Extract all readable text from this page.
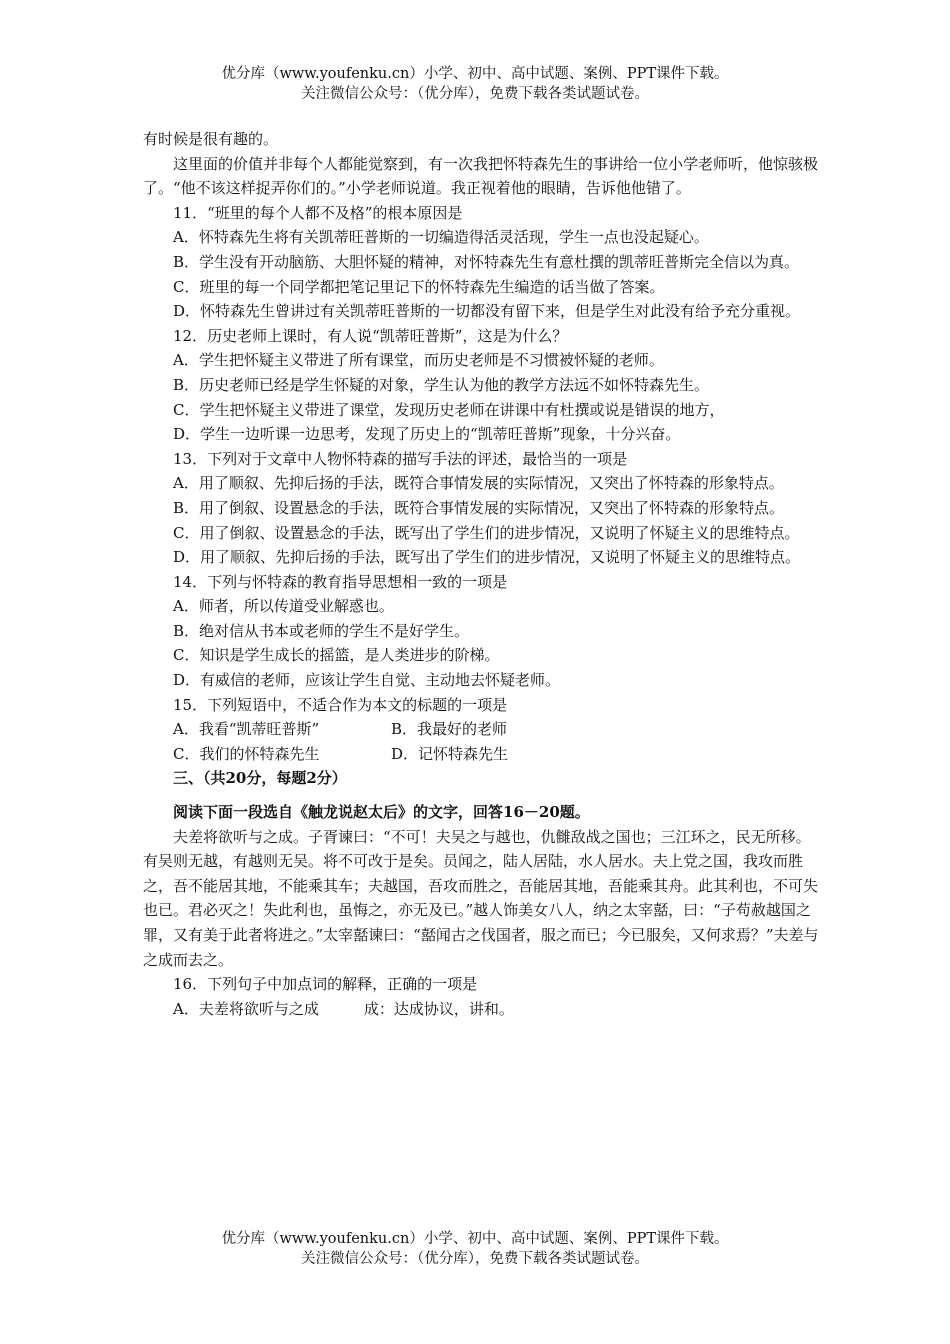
优分库（www.youfenku.cn）小学、初中、高中试题、案例、PPT课件下载。
关注微信公众号：（优分库），免费下载各类试题试卷。

有时候是很有趣的。

这里面的价值并非每个人都能觉察到，有一次我把怀特森先生的事讲给一位小学老师听，他惊骇极了。“他不该这样捉弄你们的。”小学老师说道。我正视着他的眼睛，告诉他他错了。

11．“班里的每个人都不及格”的根本原因是

A．怀特森先生将有关凯蒂旺普斯的一切编造得活灵活现，学生一点也没起疑心。

B．学生没有开动脑筋、大胆怀疑的精神，对怀特森先生有意杜撰的凯蒂旺普斯完全信以为真。

C．班里的每一个同学都把笔记里记下的怀特森先生编造的话当做了答案。

D．怀特森先生曾讲过有关凯蒂旺普斯的一切都没有留下来，但是学生对此没有给予充分重视。

12．历史老师上课时，有人说“凯蒂旺普斯”，这是为什么？

A．学生把怀疑主义带进了所有课堂，而历史老师是不习惯被怀疑的老师。

B．历史老师已经是学生怀疑的对象，学生认为他的教学方法远不如怀特森先生。

C．学生把怀疑主义带进了课堂，发现历史老师在讲课中有杜撰或说是错误的地方，

D．学生一边听课一边思考，发现了历史上的“凯蒂旺普斯”现象，十分兴奋。

13．下列对于文章中人物怀特森的描写手法的评述，最恰当的一项是

A．用了顺叙、先抑后扬的手法，既符合事情发展的实际情况，又突出了怀特森的形象特点。

B．用了倒叙、设置悬念的手法，既符合事情发展的实际情况，又突出了怀特森的形象特点。

C．用了倒叙、设置悬念的手法，既写出了学生们的进步情况，又说明了怀疑主义的思维特点。

D．用了顺叙、先抑后扬的手法，既写出了学生们的进步情况，又说明了怀疑主义的思维特点。

14．下列与怀特森的教育指导思想相一致的一项是

A．师者，所以传道受业解惑也。

B．绝对信从书本或老师的学生不是好学生。

C．知识是学生成长的摇篮，是人类进步的阶梯。

D．有威信的老师，应该让学生自觉、主动地去怀疑老师。

15．下列短语中，不适合作为本文的标题的一项是

A．我看“凯蒂旺普斯”	B．我最好的老师
C．我们的怀特森先生	D．记怀特森先生

三、（共20分，每题2分）

阅读下面一段选自《触龙说赵太后》的文字，回答16－20题。

夫差将欲听与之成。子胥谏曰：“不可！夫吴之与越也，仇雠敌战之国也；三江环之，民无所移。有吴则无越，有越则无吴。将不可改于是矣。员闻之，陆人居陆，水人居水。夫上党之国，我攻而胜之，吾不能居其地，不能乘其车；夫越国，吾攻而胜之，吾能居其地，吾能乘其舟。此其利也，不可失也已。君必灭之！失此利也，虽悔之，亦无及已。”越人饰美女八人，纳之太宰嚭，曰：“子苟赦越国之罪，又有美于此者将进之。”太宰嚭谏曰：“嚭闻古之伐国者，服之而已；今已服矣，又何求焉？”夫差与之成而去之。

16．下列句子中加点词的解释，正确的一项是

A．夫差将欲听与之成　　　成：达成协议，讲和。

优分库（www.youfenku.cn）小学、初中、高中试题、案例、PPT课件下载。
关注微信公众号：（优分库），免费下载各类试题试卷。
